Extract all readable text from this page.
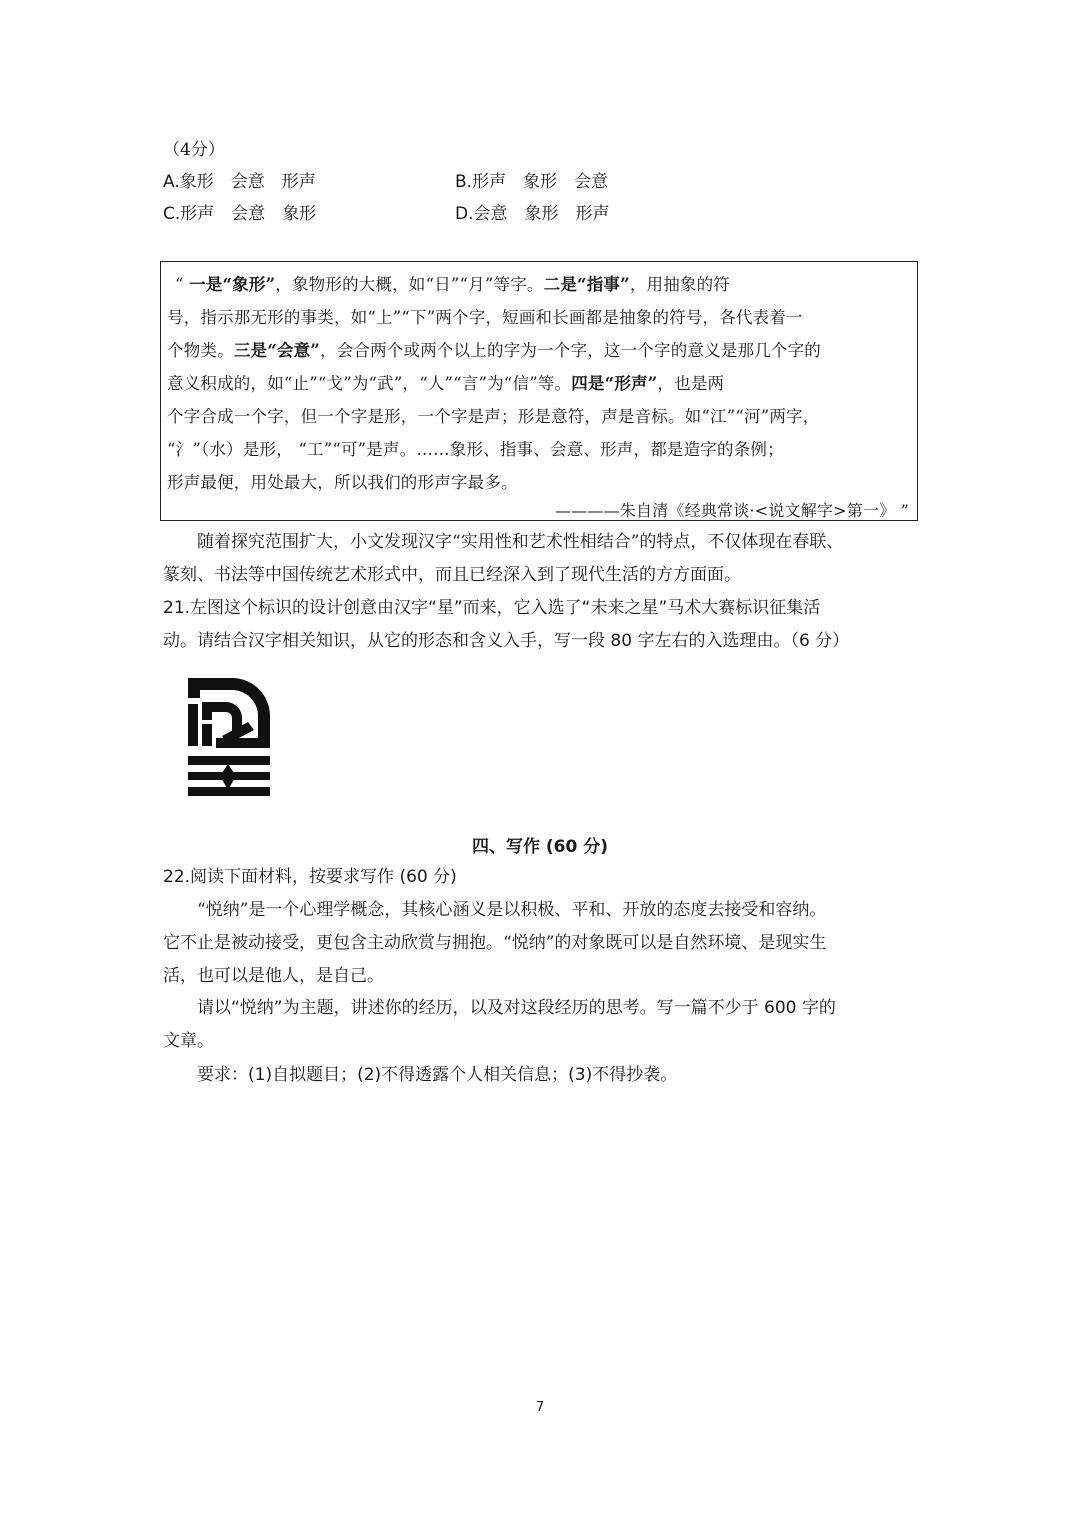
（4分）
A.象形　会意　形声	B.形声　象形　会意
C.形声　会意　象形	D.会意　象形　形声
“ 一是“象形”，象物形的大概，如“日”“月”等字。二是“指事”，用抽象的符
号，指示那无形的事类，如“上”“下”两个字，短画和长画都是抽象的符号，各代表着一
个物类。三是“会意”，会合两个或两个以上的字为一个字，这一个字的意义是那几个字的
意义积成的，如“止”“戈”为“武”，“人”“言”为“信”等。四是“形声”，也是两
个字合成一个字，但一个字是形，一个字是声；形是意符，声是音标。如“江”“河”两字，
“氵”（水）是形， “工”“可”是声。……象形、指事、会意、形声，都是造字的条例；
形声最便，用处最大，所以我们的形声字最多。
————朱自清《经典常谈·<说文解字>第一》 ”
随着探究范围扩大，小文发现汉字“实用性和艺术性相结合”的特点，不仅体现在春联、
篆刻、书法等中国传统艺术形式中，而且已经深入到了现代生活的方方面面。
21.左图这个标识的设计创意由汉字“星”而来，它入选了“未来之星”马术大赛标识征集活
动。请结合汉字相关知识，从它的形态和含义入手，写一段 80 字左右的入选理由。（6 分）
四、写作 (60 分)
22.阅读下面材料，按要求写作 (60 分)
“悦纳”是一个心理学概念，其核心涵义是以积极、平和、开放的态度去接受和容纳。
它不止是被动接受，更包含主动欣赏与拥抱。“悦纳”的对象既可以是自然环境、是现实生
活，也可以是他人，是自己。
请以“悦纳”为主题，讲述你的经历，以及对这段经历的思考。写一篇不少于 600 字的
文章。
要求：(1)自拟题目；(2)不得透露个人相关信息；(3)不得抄袭。
7
